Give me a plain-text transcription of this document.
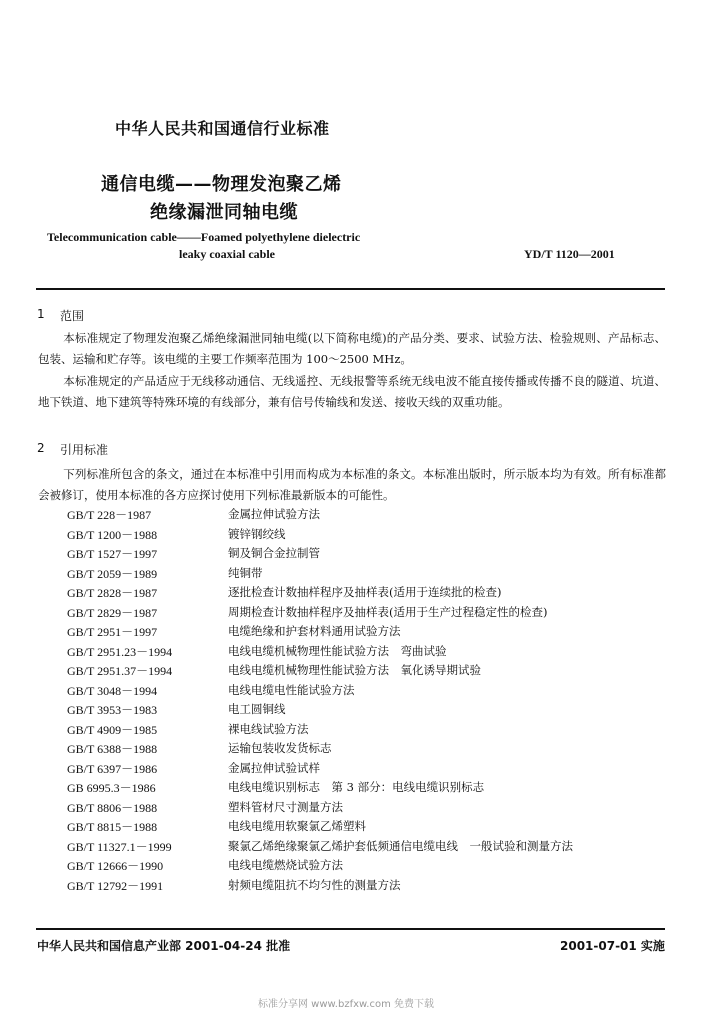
中华人民共和国通信行业标准
通信电缆——物理发泡聚乙烯
绝缘漏泄同轴电缆
Telecommunication cable——Foamed polyethylene dielectric
leaky coaxial cable	YD/T 1120—2001
1 范围
本标准规定了物理发泡聚乙烯绝缘漏泄同轴电缆(以下简称电缆)的产品分类、要求、试验方法、检验规则、产品标志、包装、运输和贮存等。该电缆的主要工作频率范围为 100～2500 MHz。
本标准规定的产品适应于无线移动通信、无线遥控、无线报警等系统无线电波不能直接传播或传播不良的隧道、坑道、地下铁道、地下建筑等特殊环境的有线部分，兼有信号传输线和发送、接收天线的双重功能。
2 引用标准
下列标准所包含的条文，通过在本标准中引用而构成为本标准的条文。本标准出版时，所示版本均为有效。所有标准都会被修订，使用本标准的各方应探讨使用下列标准最新版本的可能性。
GB/T 228－1987	金属拉伸试验方法
GB/T 1200－1988	镀锌钢绞线
GB/T 1527－1997	铜及铜合金拉制管
GB/T 2059－1989	纯铜带
GB/T 2828－1987	逐批检查计数抽样程序及抽样表(适用于连续批的检查)
GB/T 2829－1987	周期检查计数抽样程序及抽样表(适用于生产过程稳定性的检查)
GB/T 2951－1997	电缆绝缘和护套材料通用试验方法
GB/T 2951.23－1994	电线电缆机械物理性能试验方法　弯曲试验
GB/T 2951.37－1994	电线电缆机械物理性能试验方法　氧化诱导期试验
GB/T 3048－1994	电线电缆电性能试验方法
GB/T 3953－1983	电工圆铜线
GB/T 4909－1985	裸电线试验方法
GB/T 6388－1988	运输包装收发货标志
GB/T 6397－1986	金属拉伸试验试样
GB 6995.3－1986	电线电缆识别标志　第 3 部分：电线电缆识别标志
GB/T 8806－1988	塑料管材尺寸测量方法
GB/T 8815－1988	电线电缆用软聚氯乙烯塑料
GB/T 11327.1－1999	聚氯乙烯绝缘聚氯乙烯护套低频通信电缆电线　一般试验和测量方法
GB/T 12666－1990	电线电缆燃烧试验方法
GB/T 12792－1991	射频电缆阻抗不均匀性的测量方法
中华人民共和国信息产业部 2001-04-24 批准	2001-07-01 实施
标准分享网 www.bzfxw.com 免费下载
